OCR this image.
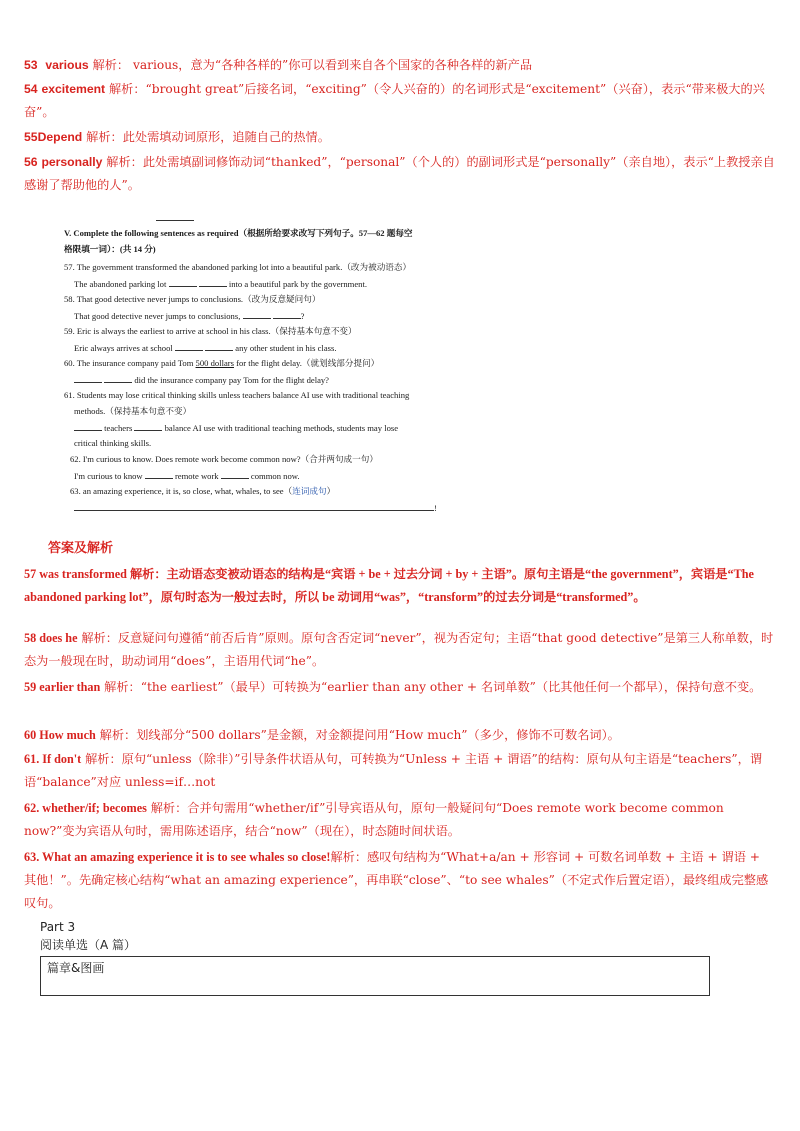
53 various 解析： various，意为“各种各样的”你可以看到来自各个国家的各种各样的新产品
54 excitement 解析：“brought great”后接名词，“exciting”（令人兴奋的）的名词形式是“excitement”（兴奋），表示“带来极大的兴奋”。
55Depend 解析：此处需填动词原形，追随自己的热情。
56 personally 解析：此处需填副词修饰动词“thanked”，“personal”（个人的）的副词形式是“personally”（亲自地），表示“上教授亲自感谢了帮助他的人”。
V. Complete the following sentences as required（根据所给要求改写下列句子。57—62 题每空
格限填一词）：(共 14 分)
57. The government transformed the abandoned parking lot into a beautiful park.（改为被动语态）
The abandoned parking lot	into a beautiful park by the government.
58. That good detective never jumps to conclusions.（改为反意疑问句）
That good detective never jumps to conclusions,	?
59. Eric is always the earliest to arrive at school in his class.（保持基本句意不变）
Eric always arrives at school	any other student in his class.
60. The insurance company paid Tom 500 dollars for the flight delay.（就划线部分提问）
did the insurance company pay Tom for the flight delay?
61. Students may lose critical thinking skills unless teachers balance AI use with traditional teaching
methods.（保持基本句意不变）
teachers	balance AI use with traditional teaching methods, students may lose
critical thinking skills.
62. I'm curious to know. Does remote work become common now?（合并两句成一句）
I'm curious to know	remote work	common now.
63. an amazing experience, it is, so close, what, whales, to see（连词成句）
!
答案及解析
57 was transformed 解析：主动语态变被动语态的结构是“宾语 + be + 过去分词 + by + 主语”。原句主语是“the government”，宾语是“The abandoned parking lot”，原句时态为一般过去时，所以 be 动词用“was”，“transform”的过去分词是“transformed”。
58 does he 解析：反意疑问句遵循“前否后肯”原则。原句含否定词“never”，视为否定句；主语“that good detective”是第三人称单数，时态为一般现在时，助动词用“does”，主语用代词“he”。
59 earlier than 解析：“the earliest”（最早）可转换为“earlier than any other + 名词单数”（比其他任何一个都早），保持句意不变。
60 How much 解析：划线部分“500 dollars”是金额，对金额提问用“How much”（多少，修饰不可数名词）。
61. If don't 解析：原句“unless（除非）”引导条件状语从句，可转换为“Unless + 主语 + 谓语”的结构：原句从句主语是“teachers”，谓语“balance”对应 unless=if…not
62. whether/if; becomes 解析：合并句需用“whether/if”引导宾语从句，原句一般疑问句“Does remote work become common now?”变为宾语从句时，需用陈述语序，结合“now”（现在），时态随时间状语。
63. What an amazing experience it is to see whales so close!解析：感叹句结构为“What+a/an + 形容词 + 可数名词单数 + 主语 + 谓语 + 其他！”。先确定核心结构“what an amazing experience”，再串联“close”、“to see whales”（不定式作后置定语），最终组成完整感叹句。
Part 3
阅读单选（A 篇）
篇章&图画
